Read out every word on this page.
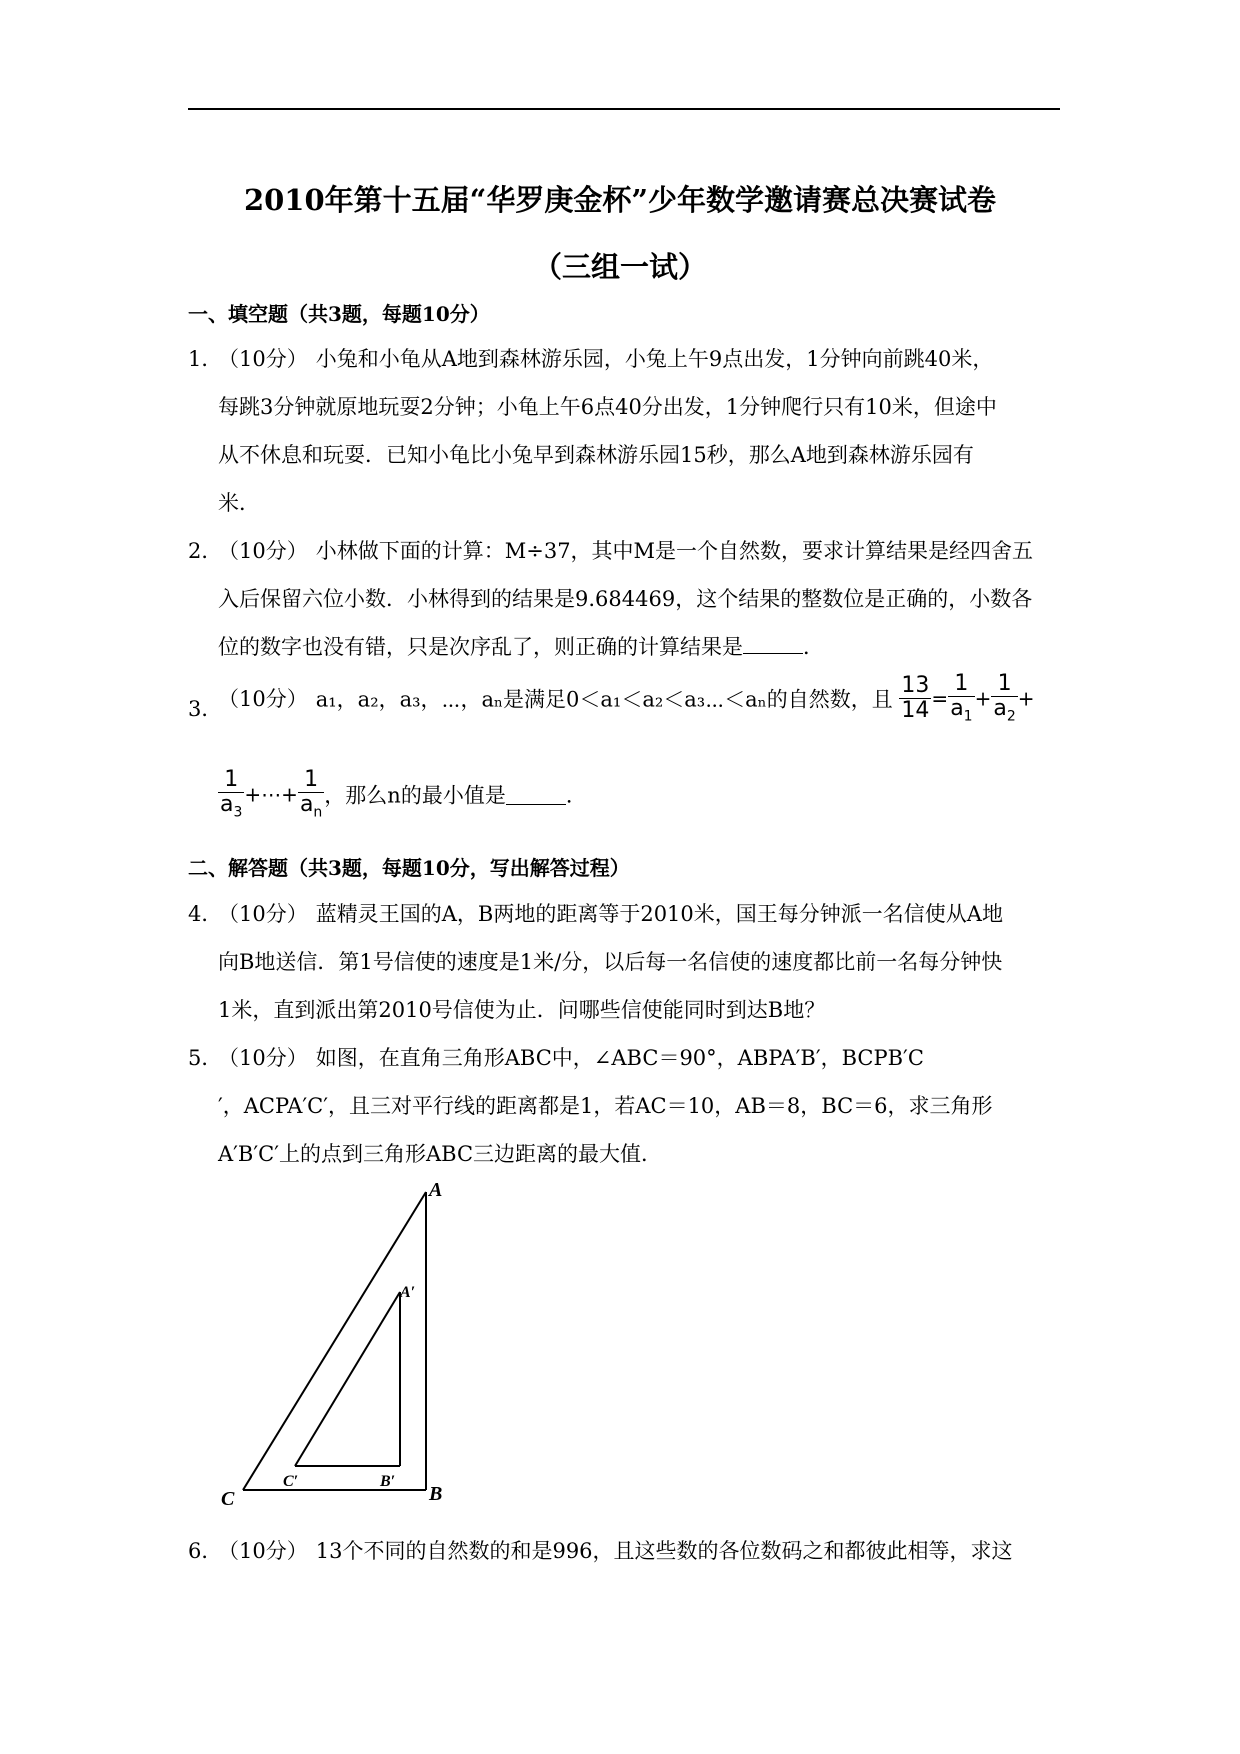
2010年第十五届“华罗庚金杯”少年数学邀请赛总决赛试卷
（三组一试）
一、填空题（共3题，每题10分）
1．
（10分） 小兔和小龟从A地到森林游乐园，小兔上午9点出发，1分钟向前跳40米，
每跳3分钟就原地玩耍2分钟；小龟上午6点40分出发，1分钟爬行只有10米，但途中
从不休息和玩耍．已知小龟比小兔早到森林游乐园15秒，那么A地到森林游乐园有
米．
2．
（10分） 小林做下面的计算：M÷37，其中M是一个自然数，要求计算结果是经四舍五
入后保留六位小数．小林得到的结果是9.684469，这个结果的整数位是正确的，小数各
位的数字也没有错，只是次序乱了，则正确的计算结果是	．
3．
（10分） a₁，a₂，a₃，⋯，aₙ是满足0＜a₁＜a₂＜a₃⋯＜aₙ的自然数，且 $\frac{13}{14} = \frac{1}{a_1} + \frac{1}{a_2}$ +
$\frac{1}{a_3}$ +⋯+ $\frac{1}{a_n}$ ，那么n的最小值是	．
二、解答题（共3题，每题10分，写出解答过程）
4．
（10分） 蓝精灵王国的A，B两地的距离等于2010米，国王每分钟派一名信使从A地
向B地送信．第1号信使的速度是1米/分，以后每一名信使的速度都比前一名每分钟快
1米，直到派出第2010号信使为止．问哪些信使能同时到达B地？
5．
（10分） 如图，在直角三角形ABC中，∠ABC＝90°，ABPA′B′，BCPB′C
′，ACPA′C′，且三对平行线的距离都是1，若AC＝10，AB＝8，BC＝6，求三角形
A′B′C′上的点到三角形ABC三边距离的最大值．
A
B
C
A′
B′
C′
6．
（10分） 13个不同的自然数的和是996，且这些数的各位数码之和都彼此相等，求这
